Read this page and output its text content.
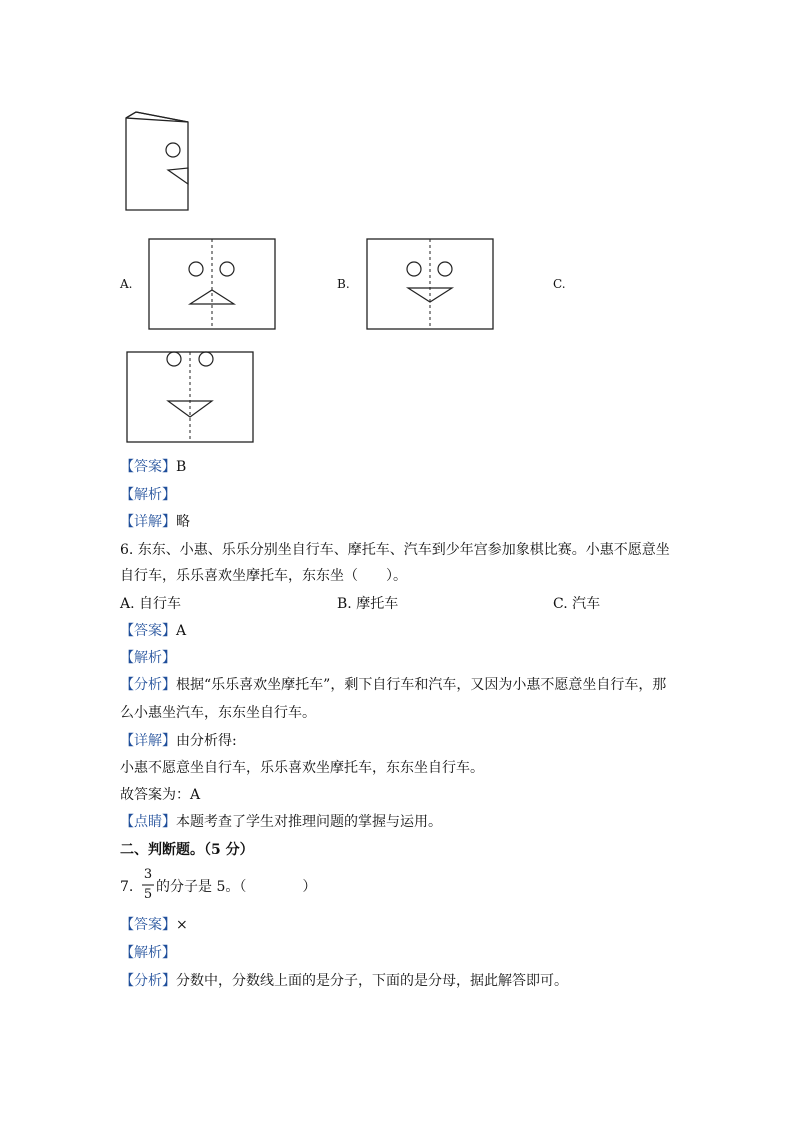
A.	B.	C.
【答案】B
【解析】
【详解】略
6. 东东、小惠、乐乐分别坐自行车、摩托车、汽车到少年宫参加象棋比赛。小惠不愿意坐
自行车，乐乐喜欢坐摩托车，东东坐（　　）。
A. 自行车	B. 摩托车	C. 汽车
【答案】A
【解析】
【分析】根据“乐乐喜欢坐摩托车”，剩下自行车和汽车，又因为小惠不愿意坐自行车，那
么小惠坐汽车，东东坐自行车。
【详解】由分析得:
小惠不愿意坐自行车，乐乐喜欢坐摩托车，东东坐自行车。
故答案为：A
【点睛】本题考查了学生对推理问题的掌握与运用。
二、判断题。（5 分）
7.
3
5 的分子是 5。（　　　　）
【答案】×
【解析】
【分析】分数中，分数线上面的是分子，下面的是分母，据此解答即可。
